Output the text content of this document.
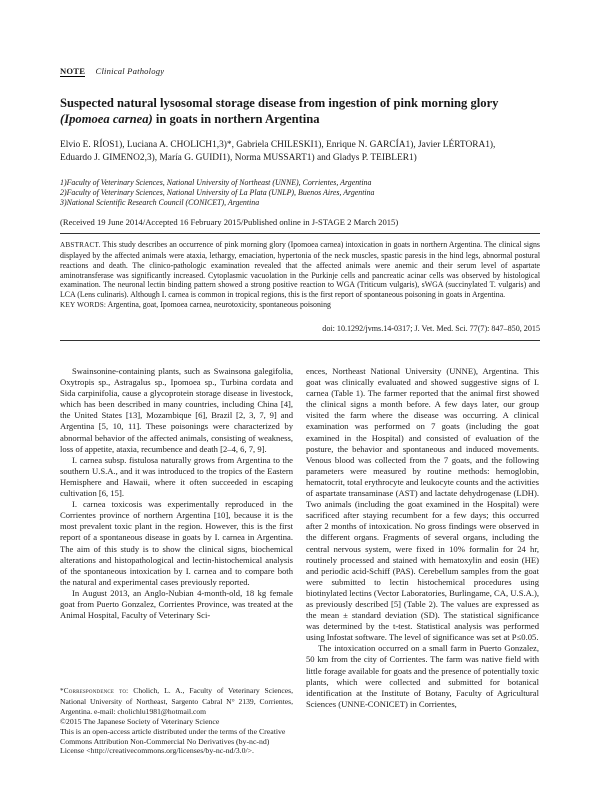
NOTE Clinical Pathology
Suspected natural lysosomal storage disease from ingestion of pink morning glory
(Ipomoea carnea) in goats in northern Argentina
Elvio E. RÍOS1), Luciana A. CHOLICH1,3)*, Gabriela CHILESKI1), Enrique N. GARCÍA1), Javier LÉRTORA1),
Eduardo J. GIMENO2,3), María G. GUIDI1), Norma MUSSART1) and Gladys P. TEIBLER1)
1)Faculty of Veterinary Sciences, National University of Northeast (UNNE), Corrientes, Argentina
2)Faculty of Veterinary Sciences, National University of La Plata (UNLP), Buenos Aires, Argentina
3)National Scientific Research Council (CONICET), Argentina
(Received 19 June 2014/Accepted 16 February 2015/Published online in J-STAGE 2 March 2015)
ABSTRACT. This study describes an occurrence of pink morning glory (Ipomoea carnea) intoxication in goats in northern Argentina. The clinical signs displayed by the affected animals were ataxia, lethargy, emaciation, hypertonia of the neck muscles, spastic paresis in the hind legs, abnormal postural reactions and death. The clinico-pathologic examination revealed that the affected animals were anemic and their serum level of aspartate aminotransferase was significantly increased. Cytoplasmic vacuolation in the Purkinje cells and pancreatic acinar cells was observed by histological examination. The neuronal lectin binding pattern showed a strong positive reaction to WGA (Triticum vulgaris), sWGA (succinylated T. vulgaris) and LCA (Lens culinaris). Although I. carnea is common in tropical regions, this is the first report of spontaneous poisoning in goats in Argentina.
KEY WORDS: Argentina, goat, Ipomoea carnea, neurotoxicity, spontaneous poisoning
doi: 10.1292/jvms.14-0317; J. Vet. Med. Sci. 77(7): 847–850, 2015

Swainsonine-containing plants, such as Swainsona galegifolia, Oxytropis sp., Astragalus sp., Ipomoea sp., Turbina cordata and Sida carpinifolia, cause a glycoprotein storage disease in livestock, which has been described in many countries, including China [4], the United States [13], Mozambique [6], Brazil [2, 3, 7, 9] and Argentina [5, 10, 11]. These poisonings were characterized by abnormal behavior of the affected animals, consisting of weakness, loss of appetite, ataxia, recumbence and death [2–4, 6, 7, 9].

I. carnea subsp. fistulosa naturally grows from Argentina to the southern U.S.A., and it was introduced to the tropics of the Eastern Hemisphere and Hawaii, where it often succeeded in escaping cultivation [6, 15].

I. carnea toxicosis was experimentally reproduced in the Corrientes province of northern Argentina [10], because it is the most prevalent toxic plant in the region. However, this is the first report of a spontaneous disease in goats by I. carnea in Argentina. The aim of this study is to show the clinical signs, biochemical alterations and histopathological and lectin-histochemical analysis of the spontaneous intoxication by I. carnea and to compare both the natural and experimental cases previously reported.

In August 2013, an Anglo-Nubian 4-month-old, 18 kg female goat from Puerto Gonzalez, Corrientes Province, was treated at the Animal Hospital, Faculty of Veterinary Sci-

ences, Northeast National University (UNNE), Argentina. This goat was clinically evaluated and showed suggestive signs of I. carnea (Table 1). The farmer reported that the animal first showed the clinical signs a month before. A few days later, our group visited the farm where the disease was occurring. A clinical examination was performed on 7 goats (including the goat examined in the Hospital) and consisted of evaluation of the posture, the behavior and spontaneous and induced movements. Venous blood was collected from the 7 goats, and the following parameters were measured by routine methods: hemoglobin, hematocrit, total erythrocyte and leukocyte counts and the activities of aspartate transaminase (AST) and lactate dehydrogenase (LDH). Two animals (including the goat examined in the Hospital) were sacrificed after staying recumbent for a few days; this occurred after 2 months of intoxication. No gross findings were observed in the different organs. Fragments of several organs, including the central nervous system, were fixed in 10% formalin for 24 hr, routinely processed and stained with hematoxylin and eosin (HE) and periodic acid-Schiff (PAS). Cerebellum samples from the goat were submitted to lectin histochemical procedures using biotinylated lectins (Vector Laboratories, Burlingame, CA, U.S.A.), as previously described [5] (Table 2). The values are expressed as the mean ± standard deviation (SD). The statistical significance was determined by the t-test. Statistical analysis was performed using Infostat software. The level of significance was set at P≤0.05.

The intoxication occurred on a small farm in Puerto Gonzalez, 50 km from the city of Corrientes. The farm was native field with little forage available for goats and the presence of potentially toxic plants, which were collected and submitted for botanical identification at the Institute of Botany, Faculty of Agricultural Sciences (UNNE-CONICET) in Corrientes,

*Correspondence to: Cholich, L. A., Faculty of Veterinary Sciences, National University of Northeast, Sargento Cabral N° 2139, Corrientes, Argentina. e-mail: cholichlu1981@hotmail.com
©2015 The Japanese Society of Veterinary Science
This is an open-access article distributed under the terms of the Creative Commons Attribution Non-Commercial No Derivatives (by-nc-nd) License <http://creativecommons.org/licenses/by-nc-nd/3.0/>.
